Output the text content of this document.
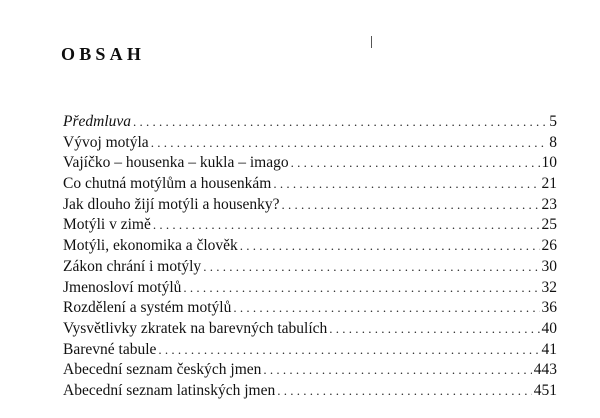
OBSAH
Předmluva . . .	5
Vývoj motýla . . .	8
Vajíčko – housenka – kukla – imago . . .	10
Co chutná motýlům a housenkám . . .	21
Jak dlouho žijí motýli a housenky? . . .	23
Motýli v zimě . . .	25
Motýli, ekonomika a člověk . . .	26
Zákon chrání i motýly . . .	30
Jmenosloví motýlů . . .	32
Rozdělení a systém motýlů . . .	36
Vysvětlivky zkratek na barevných tabulích . . .	40
Barevné tabule . . .	41
Abecední seznam českých jmen . . .	443
Abecední seznam latinských jmen . . .	451
